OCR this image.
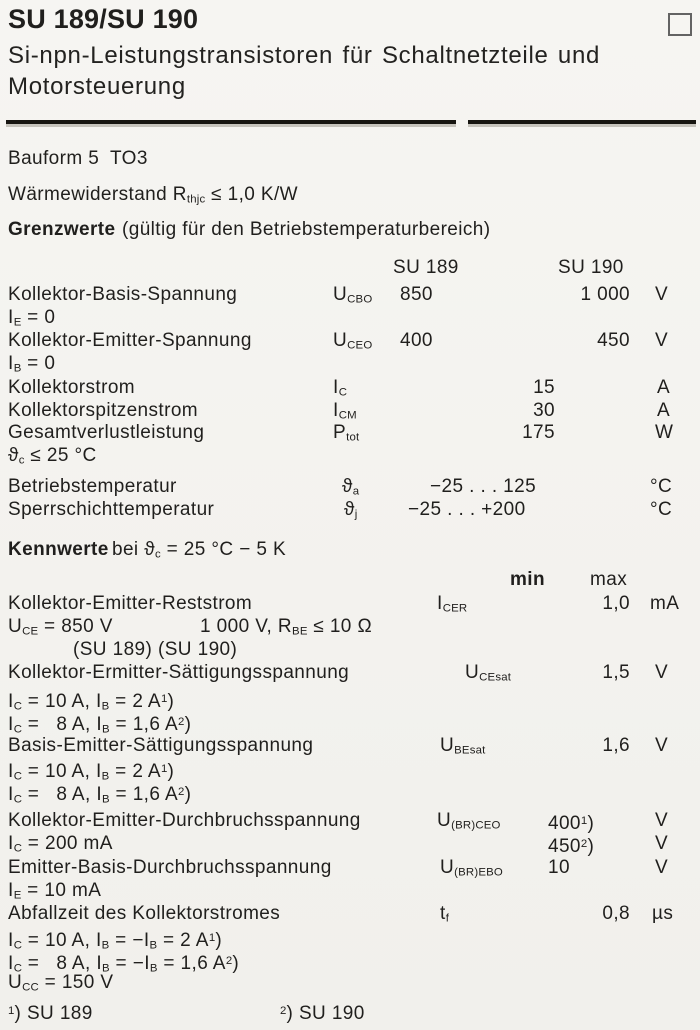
SU 189/SU 190
Si-npn-Leistungstransistoren für Schaltnetzteile und
Motorsteuerung
Bauform 5 TO3
Wärmewiderstand $R_{thjc} \le 1,0$ K/W
Grenzwerte (gültig für den Betriebstemperaturbereich)
SU 189	SU 190
Kollektor-Basis-Spannung	$U_{CBO}$ 850	1 000 V
$I_E = 0$
Kollektor-Emitter-Spannung	$U_{CEO}$ 400	450 V
$I_B = 0$
Kollektorstrom	$I_C$	15	A
Kollektorspitzenstrom	$I_{CM}$	30	A
Gesamtverlustleistung	$P_{tot}$	175	W
$ϑ_c \le 25$ °C
Betriebstemperatur	$ϑ_a$	−25 . . . 125	°C
Sperrschichttemperatur	$ϑ_j$	−25 . . . +200	°C
Kennwerte bei $ϑ_c = 25$ °C − 5 K
min max
Kollektor-Emitter-Reststrom	$I_{CER}$	1,0 mA
$U_{CE} = 850$ V	1 000 V, $R_{BE} \le 10$ Ω
(SU 189) (SU 190)
Kollektor-Ermitter-Sättigungsspannung	$U_{CEsat}$	1,5 V
$I_C = 10$ A, $I_B = 2$ $A^1$)
$I_C = 8$ A, $I_B = 1,6$ $A^2$)
Basis-Emitter-Sättigungsspannung	$U_{BEsat}$	1,6 V
$I_C = 10$ A, $I_B = 2$ $A^1$)
$I_C = 8$ A, $I_B = 1,6$ $A^2$)
Kollektor-Emitter-Durchbruchsspannung	$U_{(BR)CEO}$ $400^1$)	V
$I_C = 200$ mA	$450^2$)	V
Emitter-Basis-Durchbruchsspannung	$U_{(BR)EBO}$ 10	V
$I_E = 10$ mA
Abfallzeit des Kollektorstromes	$t_f$	0,8 µs
$I_C = 10$ A, $I_B = -I_B = 2$ $A^1$)
$I_C = 8$ A, $I_B = -I_B = 1,6$ $A^2$)
$U_{CC} = 150$ V
$^1$) SU 189	$^2$) SU 190
